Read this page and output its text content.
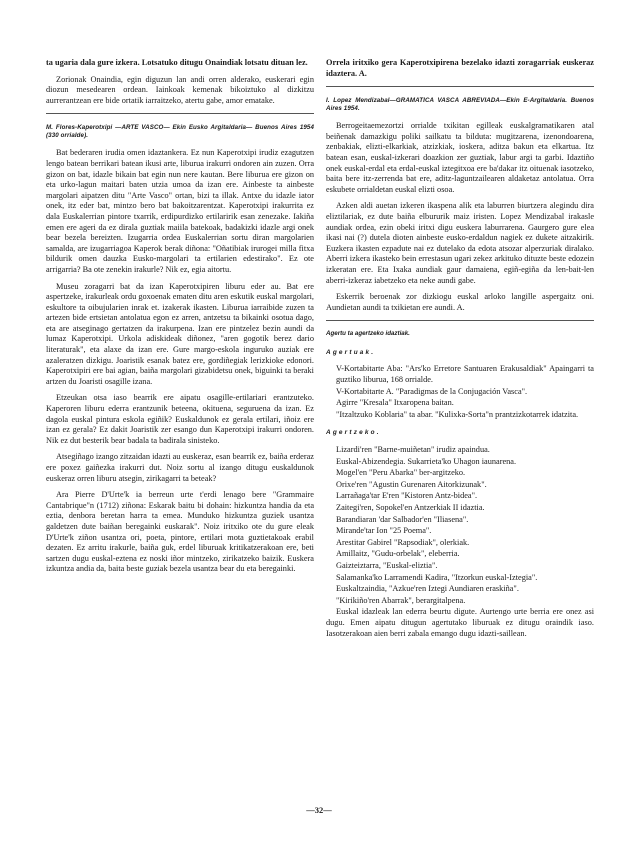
ta ugaria dala gure izkera. Lotsatuko ditugu Onaindiak lotsatu dituan lez.

Zorionak Onaindia, egin diguzun lan andi orren alderako, euskerari egin diozun mesedearen ordean. Iainkoak kemenak bikoiztuko al dizkitzu aurrerantzean ere bide ortatik iarraitzeko, atertu gabe, amor ematake.

M. Flores-Kaperotxipi —ARTE VASCO— Ekin Eusko Argitaldaria— Buenos Aires 1954 (330 orrialde).

Bat bederaren irudia omen idaztankera. Ez nun Kaperotxipi irudiz ezagutzen lengo batean berrikari batean ikusi arte, liburua irakurri ondoren ain zuzen. Orra gizon on bat, idazle bikain bat egin nun nere kautan. Bere liburua ere gizon on eta urko-lagun maitari baten utzia umoa da izan ere. Ainbeste ta ainbeste margolari aipatzen ditu "Arte Vasco" ortan, bizi ta illak. Antxe du idazle iator onek, itz eder bat, mintzo bero bat bakoitzarentzat. Kaperotxipi irakurrita ez dala Euskalerrian pintore txarrik, erdipurdizko ertilaririk esan zenezake. Iakiña emen ere ageri da ez dirala guztiak maiila batekoak, badakizki idazle argi onek bear bezela bereizten. Izugarria ordea Euskalerrian sortu diran margolarien samalda, are izugarriagoa Kaperok berak diñona: "Oñatibiak irurogei milla fitxa bildurik omen dauzka Eusko-margolari ta ertilarien edestirako". Ez ote arrigarria? Ba ote zenekin irakurle? Nik ez, egia aitortu.

Museu zoragarri bat da izan Kaperotxipiren liburu eder au. Bat ere aspertzeke, irakurleak ordu goxoenak ematen ditu aren eskutik euskal margolari, eskultore ta oibujularien inrak et. izakerak ikasten. Liburua iarraibide zuzen ta artezen bide ertsietan antolatua egon ez arren, antzetsu ta bikainki osotua dago, eta are atseginago gertatzen da irakurpena. Izan ere pintzelez bezin aundi da lumaz Kaperotxipi. Urkola adiskideak diñonez, "aren gogotik berez dario literaturak", eta alaxe da izan ere. Gure margo-eskola inguruko auziak ere azaleratzen dizkigu. Joaristik esanak batez ere, gordiñegiak lerizkioke edonori. Kaperotxipiri ere bai agian, baiña margolari gizabidetsu onek, biguinki ta beraki artzen du Joaristi osagille izana.

Etzeukan otsa iaso bearrik ere aipatu osagille-ertilariari erantzuteko. Kaperoren liburu ederra erantzunik beteena, okituena, seguruena da izan. Ez dagola euskal pintura eskola egiñik? Euskaldunok ez gerala ertilari, iñoiz ere izan ez gerala? Ez dakit Joaristik zer esango dun Kaperotxipi irakurri ondoren. Nik ez dut besterik bear badala ta badirala sinisteko.

Atsegiñago izango zitzaidan idazti au euskeraz, esan bearrik ez, baiña erderaz ere poxez gaiñezka irakurri dut. Noiz sortu al izango ditugu euskaldunok euskeraz orren liburu atsegin, zirikagarri ta beteak?

Ara Pierre D'Urte'k ia berreun urte t'erdi lenago bere "Grammaire Cantabrique"n (1712) ziñona: Eskarak baitu bi dohain: hizkuntza handia da eta eztia, denbora beretan harra ta emea. Munduko hizkuntza guziek usantza galdetzen dute baiñan beregainki euskarak". Noiz iritxiko ote du gure eleak D'Urte'k ziñon usantza ori, poeta, pintore, ertilari mota guztietakoak erabil dezaten. Ez arritu irakurle, baiña guk, erdel liburuak kritikatzerakoan ere, beti sartzen dugu euskal-eztena ez noski iñor mintzeko, zirikatzeko baizik. Euskera izkuntza andia da, baita beste guziak bezela usantza bear du eta beregainki.

Orrela iritxiko gera Kaperotxipirena bezelako idazti zoragarriak euskeraz idaztera. A.

I. Lopez Mendizabal—GRAMATICA VASCA ABREVIADA—Ekin E-Argitaldaria. Buenos Aires 1954.

Berrogeitaemezortzi orrialde txikitan egilleak euskalgramatikaren atal beiñenak damazkigu poliki sailkatu ta bilduta: mugitzarena, izenondoarena, zenbakiak, elizti-elkarkiak, atzizkiak, ioskera, aditza bakun eta elkartua. Itz batean esan, euskal-izkerari doazkion zer guztiak, labur argi ta garbi. Idaztiño onek euskal-erdal eta erdal-euskal iztegitxoa ere ba'dakar itz oituenak iasotzeko, baita bere itz-zerrenda bat ere, aditz-laguntzailearen aldaketaz antolatua. Orra eskubete orrialdetan euskal elizti osoa.

Azken aldi auetan izkeren ikaspena alik eta laburren biurtzera alegindu dira eliztilariak, ez dute baiña elbururik maiz iristen. Lopez Mendizabal irakasle aundiak ordea, ezin obeki iritxi digu euskera laburrarena. Gaurgero gure elea ikasi nai (?) dutela dioten ainbeste eusko-erdaldun nagiek ez dukete aitzakirik. Euzkera ikasten ezpadute nai ez dutelako da edota atsozar alperzuriak diralako. Aberri izkera ikasteko bein errestasun ugari zekez arkituko dituzte beste edozein izkeratan ere. Eta Ixaka aundiak gaur damaiena, egiñ-egiña da len-bait-len aberri-izkeraz iabetzeko eta neke aundi gabe.

Eskerrik beroenak zor dizkiogu euskal arloko langille aspergaitz oni. Aundietan aundi ta txikietan ere aundi. A.

Agertu ta agertzeko idaztiak.

Agertuak.

V-Kortabitarte Aba: "Ars'ko Erretore Santuaren Erakusaldiak" Apaingarri ta guztiko liburua, 168 orrialde.

V-Kortabitarte A. "Paradigmas de la Conjugación Vasca".

Agirre "Kresala" Itxaropena baitan.

"Itzaltzuko Koblaria" ta abar. "Kulixka-Sorta"n prantzizkotarrek idatzita.

Agertzeko.

Lizardi'ren "Barne-muiñetan" irudiz apaindua.

Euskal-Abizendegia. Sukarrieta'ko Uhagon iaunarena.

Mogel'en "Peru Abarka" ber-argitzeko.

Orixe'ren "Agustin Gurenaren Aitorkizunak".

Larrañaga'tar E'ren "Kistoren Antz-bidea".

Zaitegi'ren, Sopokel'en Antzerkiak II idaztia.

Barandiaran 'dar Salbador'en "Iliasena".

Mirande'tar Ion "25 Poema".

Arestitar Gabirel "Rapsodiak", olerkiak.

Amillaitz, "Gudu-orbelak", eleberria.

Gaizteiztarra, "Euskal-eliztia".

Salamanka'ko Larramendi Kadira, "Itzorkun euskal-Iztegia".

Euskaltzaindia, "Azkue'ren Iztegi Aundiaren eraskiña".

"Kirikiño'ren Abarrak", berargitalpena.

Euskal idazleak lan ederra beurtu digute. Aurtengo urte berria ere onez asi dugu. Emen aipatu ditugun agertutako liburuak ez ditugu oraindik iaso. Iasotzerakoan aien berri zabala emango dugu idazti-saillean.

—32—
